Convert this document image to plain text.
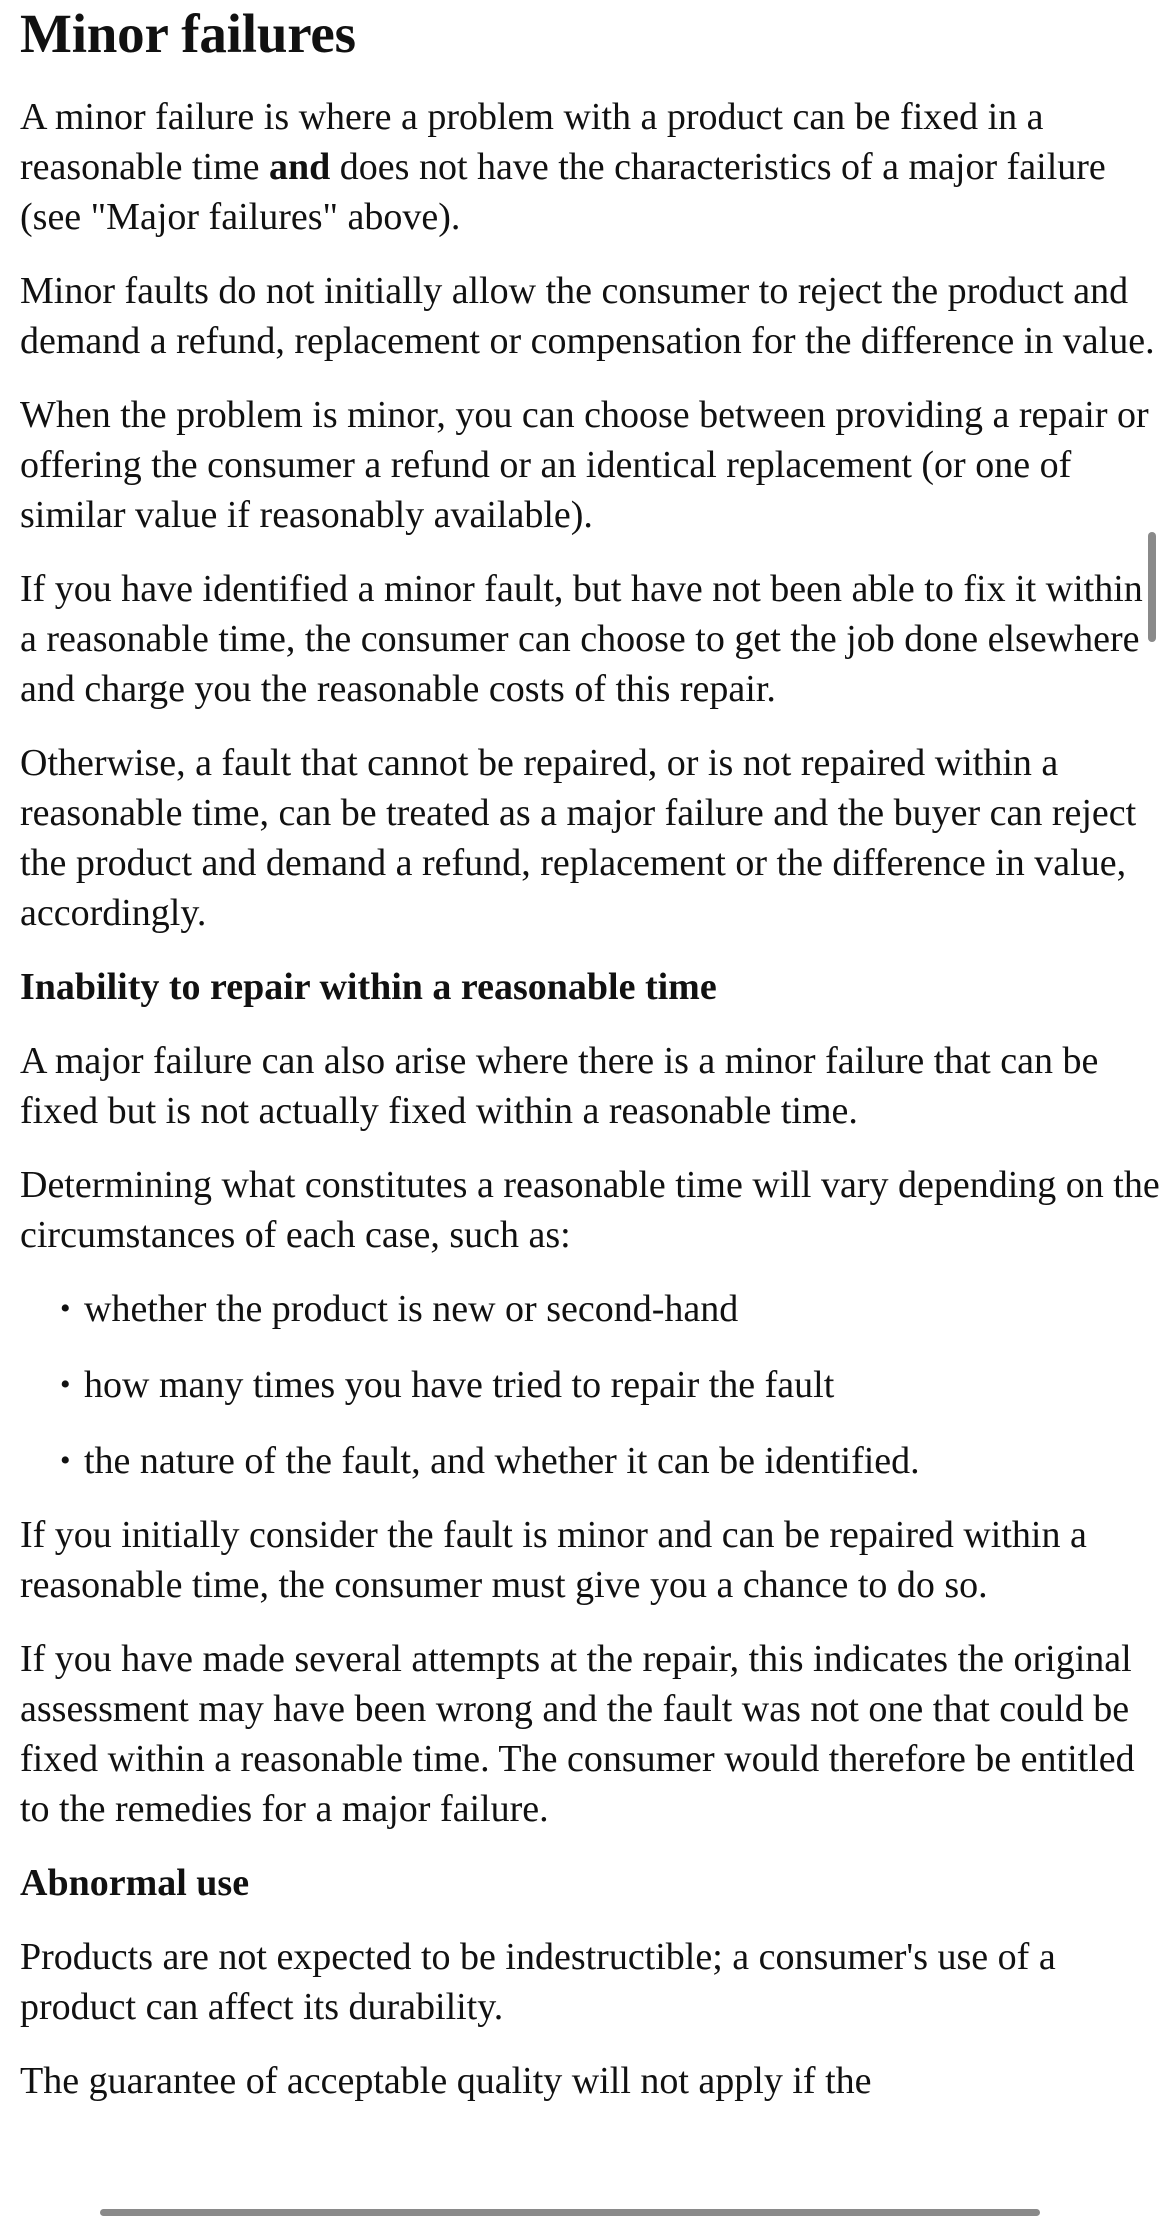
Minor failures

A minor failure is where a problem with a product can be fixed in a reasonable time and does not have the characteristics of a major failure (see "Major failures" above).

Minor faults do not initially allow the consumer to reject the product and demand a refund, replacement or compensation for the difference in value.

When the problem is minor, you can choose between providing a repair or offering the consumer a refund or an identical replacement (or one of similar value if reasonably available).

If you have identified a minor fault, but have not been able to fix it within a reasonable time, the consumer can choose to get the job done elsewhere and charge you the reasonable costs of this repair.

Otherwise, a fault that cannot be repaired, or is not repaired within a reasonable time, can be treated as a major failure and the buyer can reject the product and demand a refund, replacement or the difference in value, accordingly.

Inability to repair within a reasonable time

A major failure can also arise where there is a minor failure that can be fixed but is not actually fixed within a reasonable time.

Determining what constitutes a reasonable time will vary depending on the circumstances of each case, such as:

• whether the product is new or second-hand
• how many times you have tried to repair the fault
• the nature of the fault, and whether it can be identified.

If you initially consider the fault is minor and can be repaired within a reasonable time, the consumer must give you a chance to do so.

If you have made several attempts at the repair, this indicates the original assessment may have been wrong and the fault was not one that could be fixed within a reasonable time. The consumer would therefore be entitled to the remedies for a major failure.

Abnormal use

Products are not expected to be indestructible; a consumer's use of a product can affect its durability.

The guarantee of acceptable quality will not apply if the
